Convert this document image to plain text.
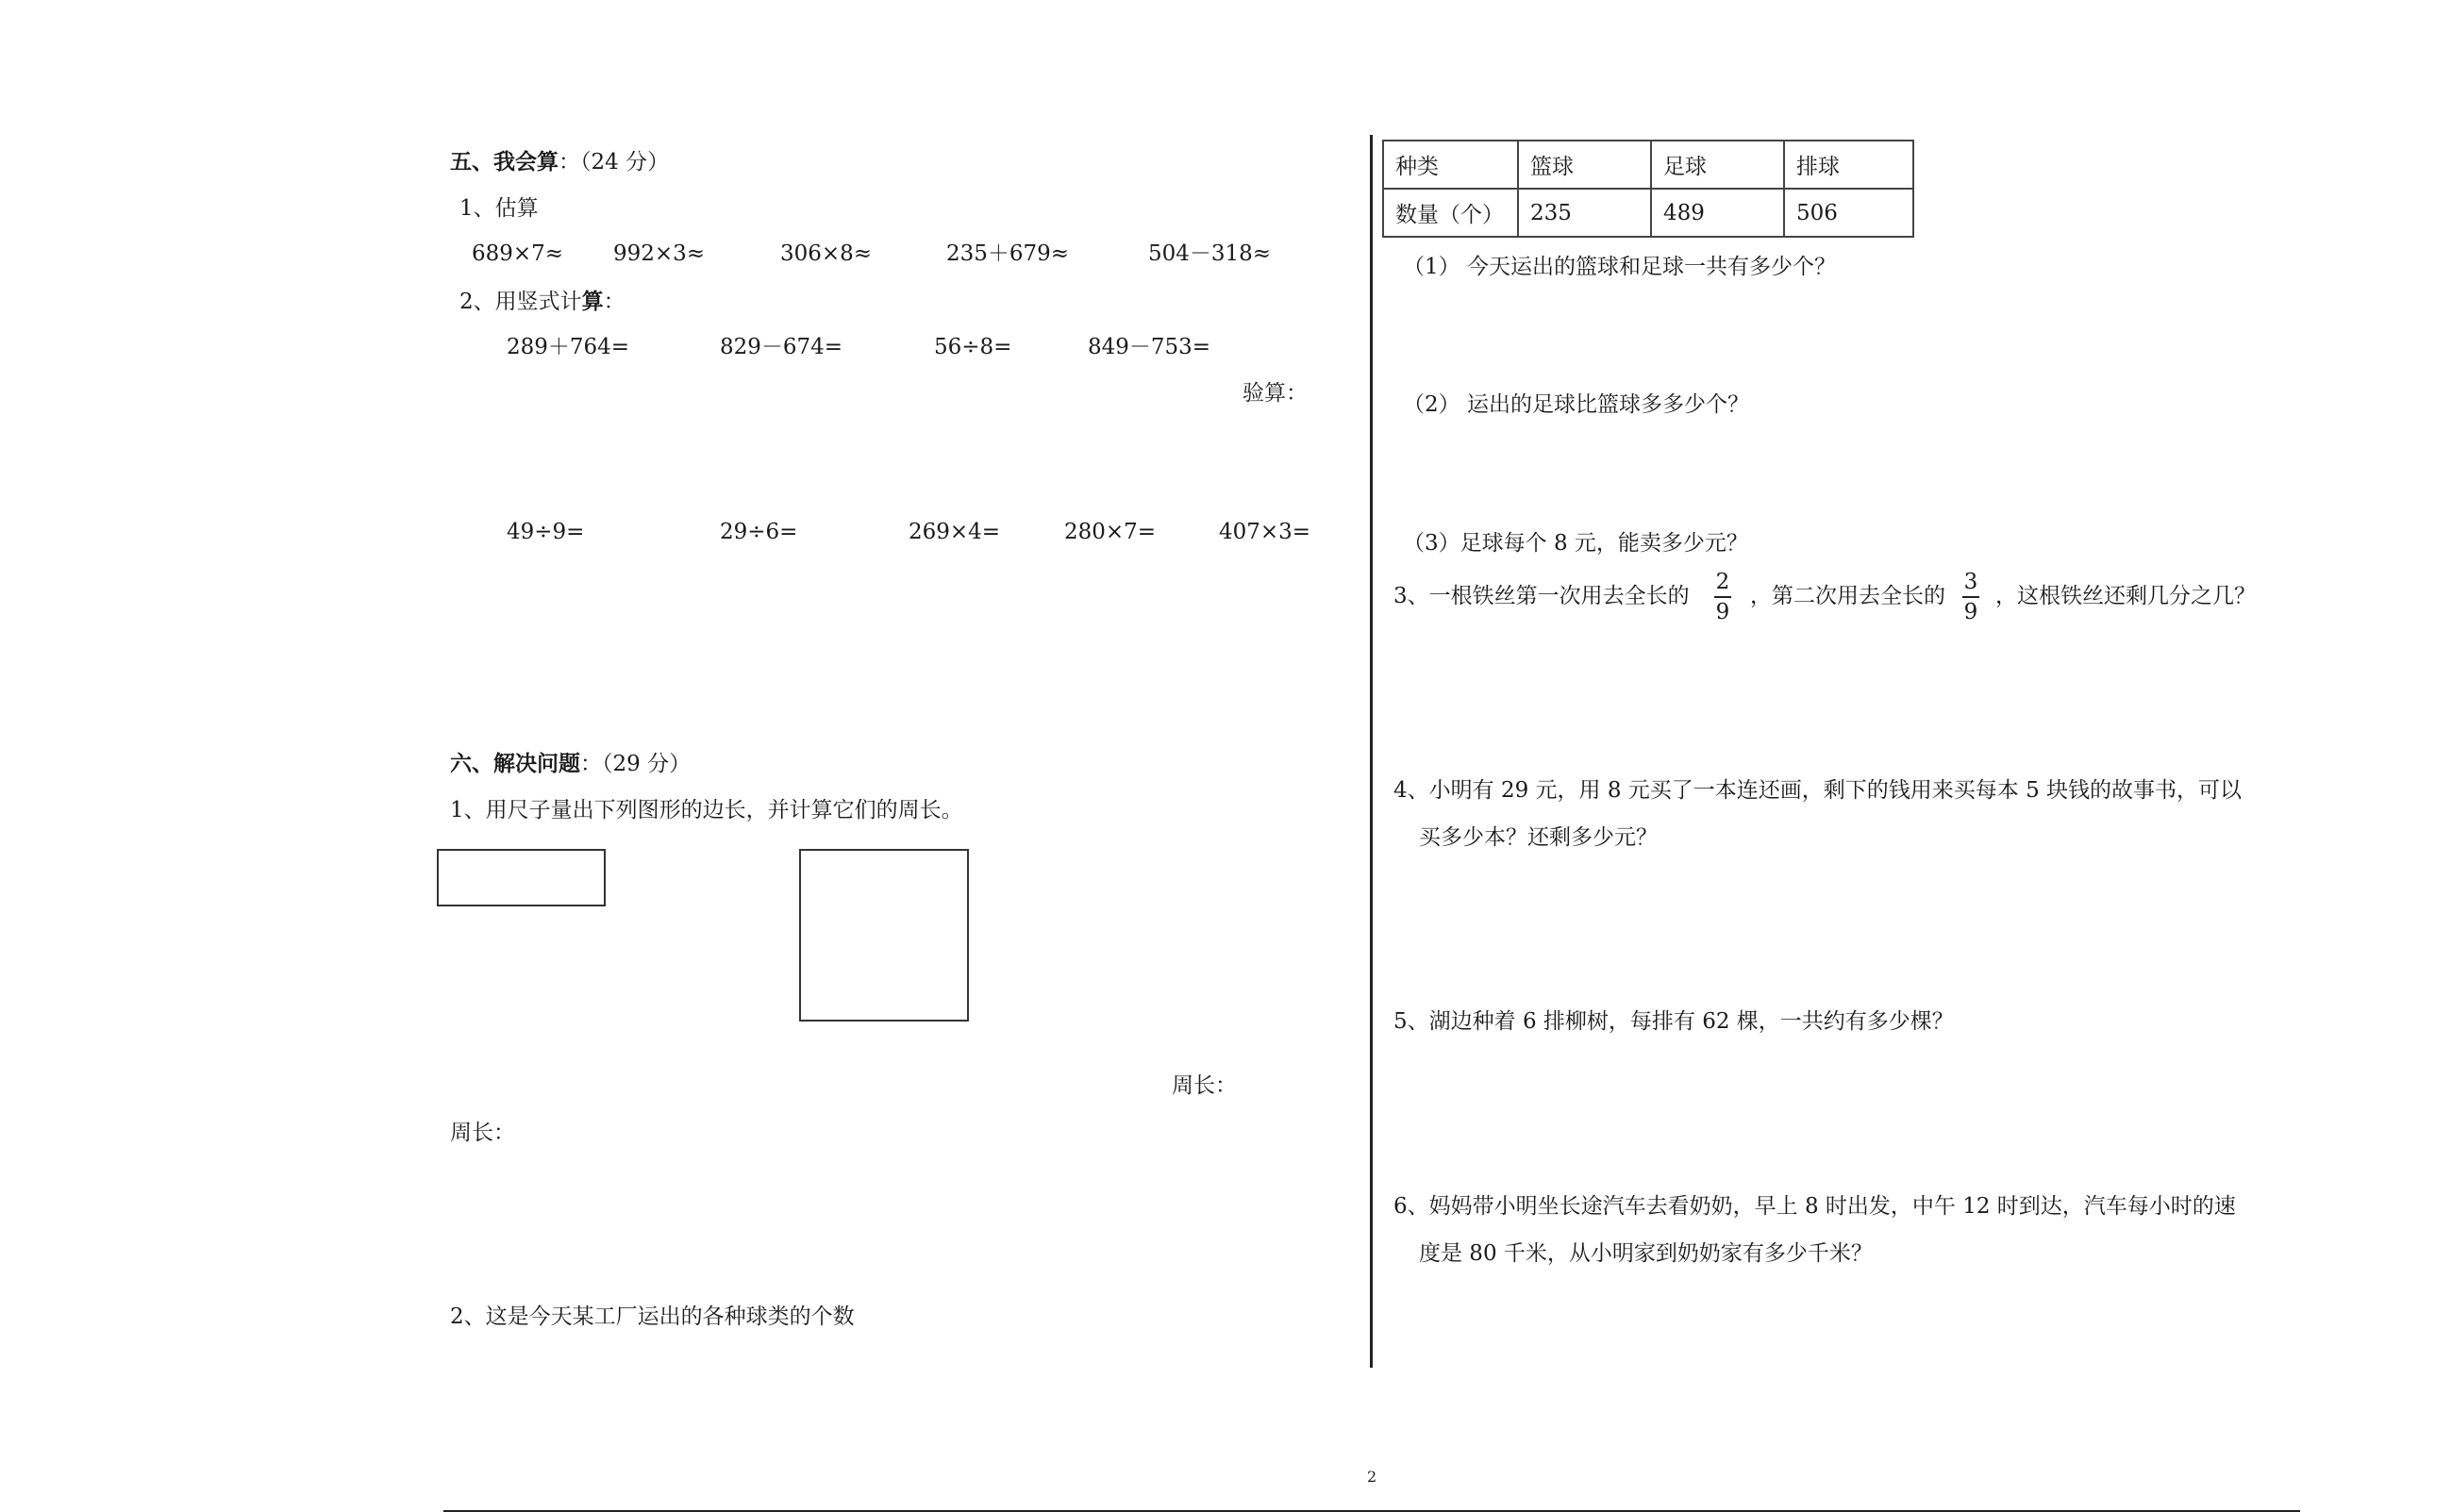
五、我会算：（24 分）
1、估算
689×7≈ 992×3≈	306×8≈	235＋679≈	504－318≈
2、用竖式计算：
289＋764=	829－674=	56÷8=	849－753=
验算：
49÷9=	29÷6=	269×4=	280×7=	407×3=
六、解决问题：（29 分）
1、用尺子量出下列图形的边长，并计算它们的周长。
周长：
周长：
2、这是今天某工厂运出的各种球类的个数
种类	篮球	足球	排球
数量（个）	235	489	506
（1） 今天运出的篮球和足球一共有多少个？
（2） 运出的足球比篮球多多少个？
（3）足球每个 8 元，能卖多少元？
3、一根铁丝第一次用去全长的
2
9
，第二次用去全长的
3
9
，这根铁丝还剩几分之几？
4、小明有 29 元，用 8 元买了一本连还画，剩下的钱用来买每本 5 块钱的故事书，可以
买多少本？还剩多少元？
5、湖边种着 6 排柳树，每排有 62 棵，一共约有多少棵？
6、妈妈带小明坐长途汽车去看奶奶，早上 8 时出发，中午 12 时到达，汽车每小时的速
度是 80 千米，从小明家到奶奶家有多少千米？
2
